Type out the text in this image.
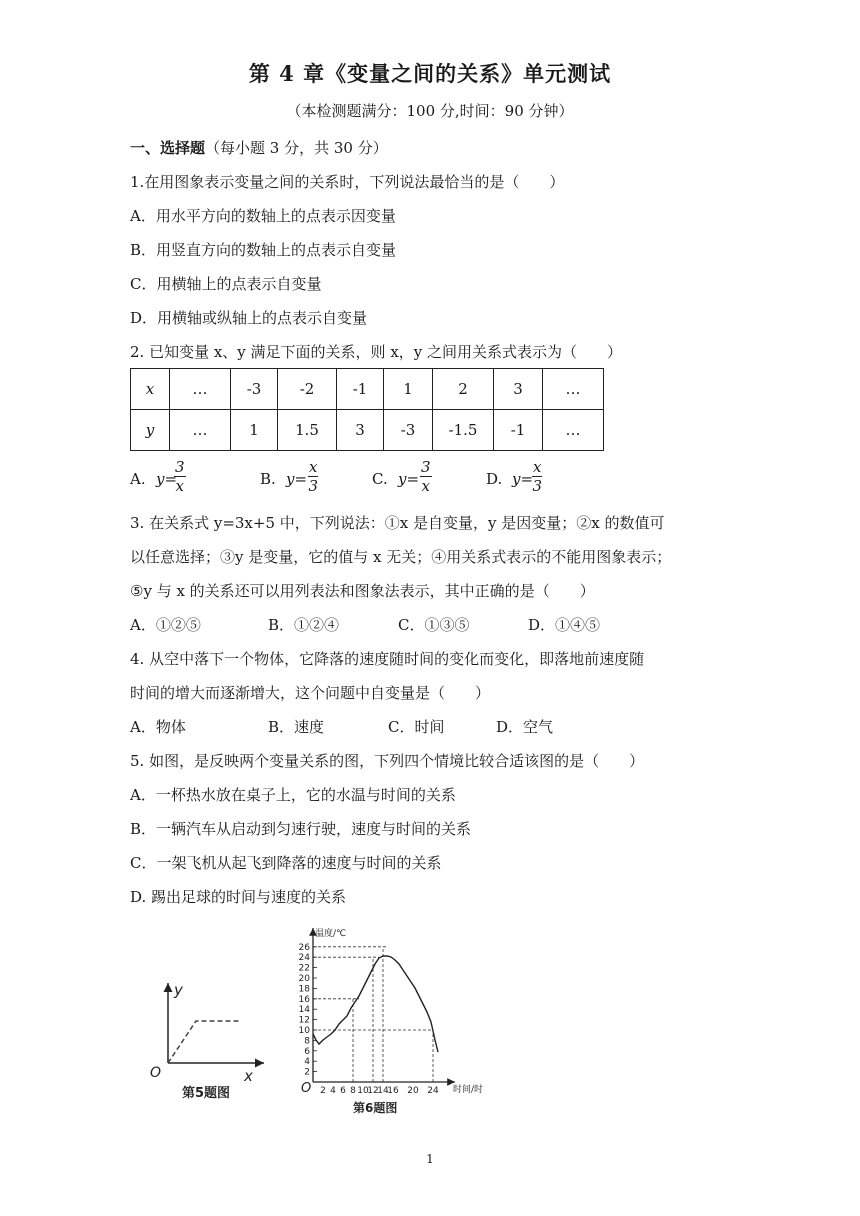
第 4 章《变量之间的关系》单元测试
（本检测题满分：100 分,时间：90 分钟）
一、选择题（每小题 3 分，共 30 分）
1.在用图象表示变量之间的关系时，下列说法最恰当的是（　　）
A．用水平方向的数轴上的点表示因变量
B．用竖直方向的数轴上的点表示自变量
C．用横轴上的点表示自变量
D．用横轴或纵轴上的点表示自变量
2. 已知变量 x、y 满足下面的关系，则 x，y 之间用关系式表示为（　　）
x	…	-3	-2	-1	1	2	3	…
y	…	1	1.5	3	-3	-1.5	-1	…
A. y=
$\frac{3}{x}$	B. $y= \frac{x}{3}$	C. $y= \frac{3}{x}$	D. y=
$\frac{x}{3}$
3. 在关系式 y=3x+5 中，下列说法：①x 是自变量，y 是因变量；②x 的数值可
以任意选择；③y 是变量，它的值与 x 无关；④用关系式表示的不能用图象表示；
⑤y 与 x 的关系还可以用列表法和图象法表示，其中正确的是（　　）
A．①②⑤	B．①②④	C．①③⑤	D．①④⑤
4. 从空中落下一个物体，它降落的速度随时间的变化而变化，即落地前速度随
时间的增大而逐渐增大，这个问题中自变量是（　　）
A．物体	B．速度	C．时间	D．空气
5. 如图，是反映两个变量关系的图，下列四个情境比较合适该图的是（　　）
A．一杯热水放在桌子上，它的水温与时间的关系
B．一辆汽车从启动到匀速行驶，速度与时间的关系
C．一架飞机从起飞到降落的速度与时间的关系
D. 踢出足球的时间与速度的关系
y
x
O
第5题图
26
24
22
20
18
16
14
12
10
8
6
4
2
2 4 6 8 10
12
14
16 20 24
温度/℃
时间/时
O
第6题图
1
